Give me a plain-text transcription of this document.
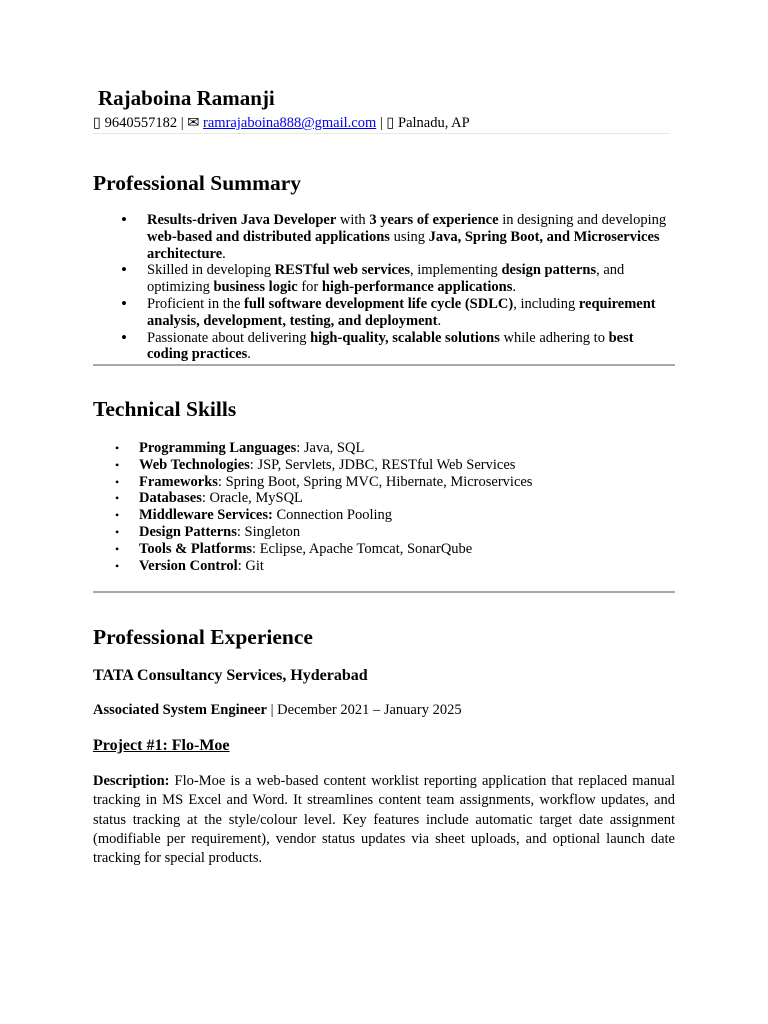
Rajaboina Ramanji
▯ 9640557182 | ✉ ramrajaboina888@gmail.com | ▯ Palnadu, AP
Professional Summary
• Results-driven Java Developer with 3 years of experience in designing and developing web-based and distributed applications using Java, Spring Boot, and Microservices architecture.
• Skilled in developing RESTful web services, implementing design patterns, and optimizing business logic for high-performance applications.
• Proficient in the full software development life cycle (SDLC), including requirement analysis, development, testing, and deployment.
• Passionate about delivering high-quality, scalable solutions while adhering to best coding practices.
Technical Skills
• Programming Languages: Java, SQL
• Web Technologies: JSP, Servlets, JDBC, RESTful Web Services
• Frameworks: Spring Boot, Spring MVC, Hibernate, Microservices
• Databases: Oracle, MySQL
• Middleware Services: Connection Pooling
• Design Patterns: Singleton
• Tools & Platforms: Eclipse, Apache Tomcat, SonarQube
• Version Control: Git
Professional Experience
TATA Consultancy Services, Hyderabad
Associated System Engineer | December 2021 – January 2025
Project #1: Flo-Moe

Description: Flo-Moe is a web-based content worklist reporting application that replaced manual tracking in MS Excel and Word. It streamlines content team assignments, workflow updates, and status tracking at the style/colour level. Key features include automatic target date assignment (modifiable per requirement), vendor status updates via sheet uploads, and optional launch date tracking for special products.
